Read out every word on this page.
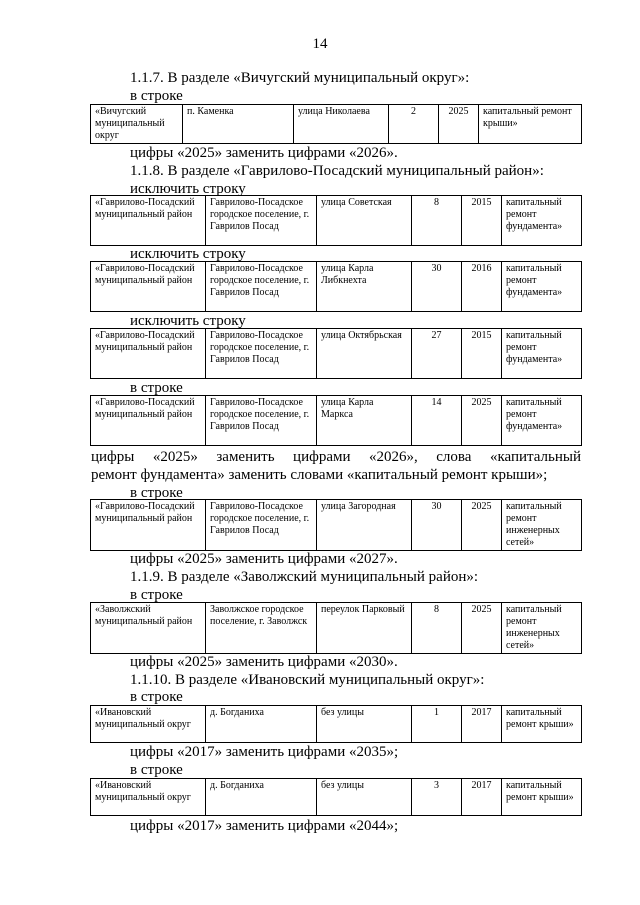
14
1.1.7. В разделе «Вичугский муниципальный округ»:
в строке
цифры «2025» заменить цифрами «2026».
1.1.8. В разделе «Гаврилово-Посадский муниципальный район»:
исключить строку
исключить строку
исключить строку
в строке
цифры «2025» заменить цифрами «2026», слова «капитальный
ремонт фундамента» заменить словами «капитальный ремонт крыши»;
в строке
цифры «2025» заменить цифрами «2027».
1.1.9. В разделе «Заволжский муниципальный район»:
в строке
цифры «2025» заменить цифрами «2030».
1.1.10. В разделе «Ивановский муниципальный округ»:
в строке
цифры «2017» заменить цифрами «2035»;
в строке
цифры «2017» заменить цифрами «2044»;
«Вичугский муниципальный округ	п. Каменка	улица Николаева	2	2025	капитальный ремонт крыши»
«Гаврилово-Посадский муниципальный район	Гаврилово-Посадское городское поселение, г. Гаврилов Посад	улица Советская	8	2015	капитальный ремонт фундамента»
«Гаврилово-Посадский муниципальный район	Гаврилово-Посадское городское поселение, г. Гаврилов Посад	улица Карла Либкнехта	30	2016	капитальный ремонт фундамента»
«Гаврилово-Посадский муниципальный район	Гаврилово-Посадское городское поселение, г. Гаврилов Посад	улица Октябрьская	27	2015	капитальный ремонт фундамента»
«Гаврилово-Посадский муниципальный район	Гаврилово-Посадское городское поселение, г. Гаврилов Посад	улица Карла Маркса	14	2025	капитальный ремонт фундамента»
«Гаврилово-Посадский муниципальный район	Гаврилово-Посадское городское поселение, г. Гаврилов Посад	улица Загородная	30	2025	капитальный ремонт инженерных сетей»
«Заволжский муниципальный район	Заволжское городское поселение, г. Заволжск	переулок Парковый	8	2025	капитальный ремонт инженерных сетей»
«Ивановский муниципальный округ	д. Богданиха	без улицы	1	2017	капитальный ремонт крыши»
«Ивановский муниципальный округ	д. Богданиха	без улицы	3	2017	капитальный ремонт крыши»
